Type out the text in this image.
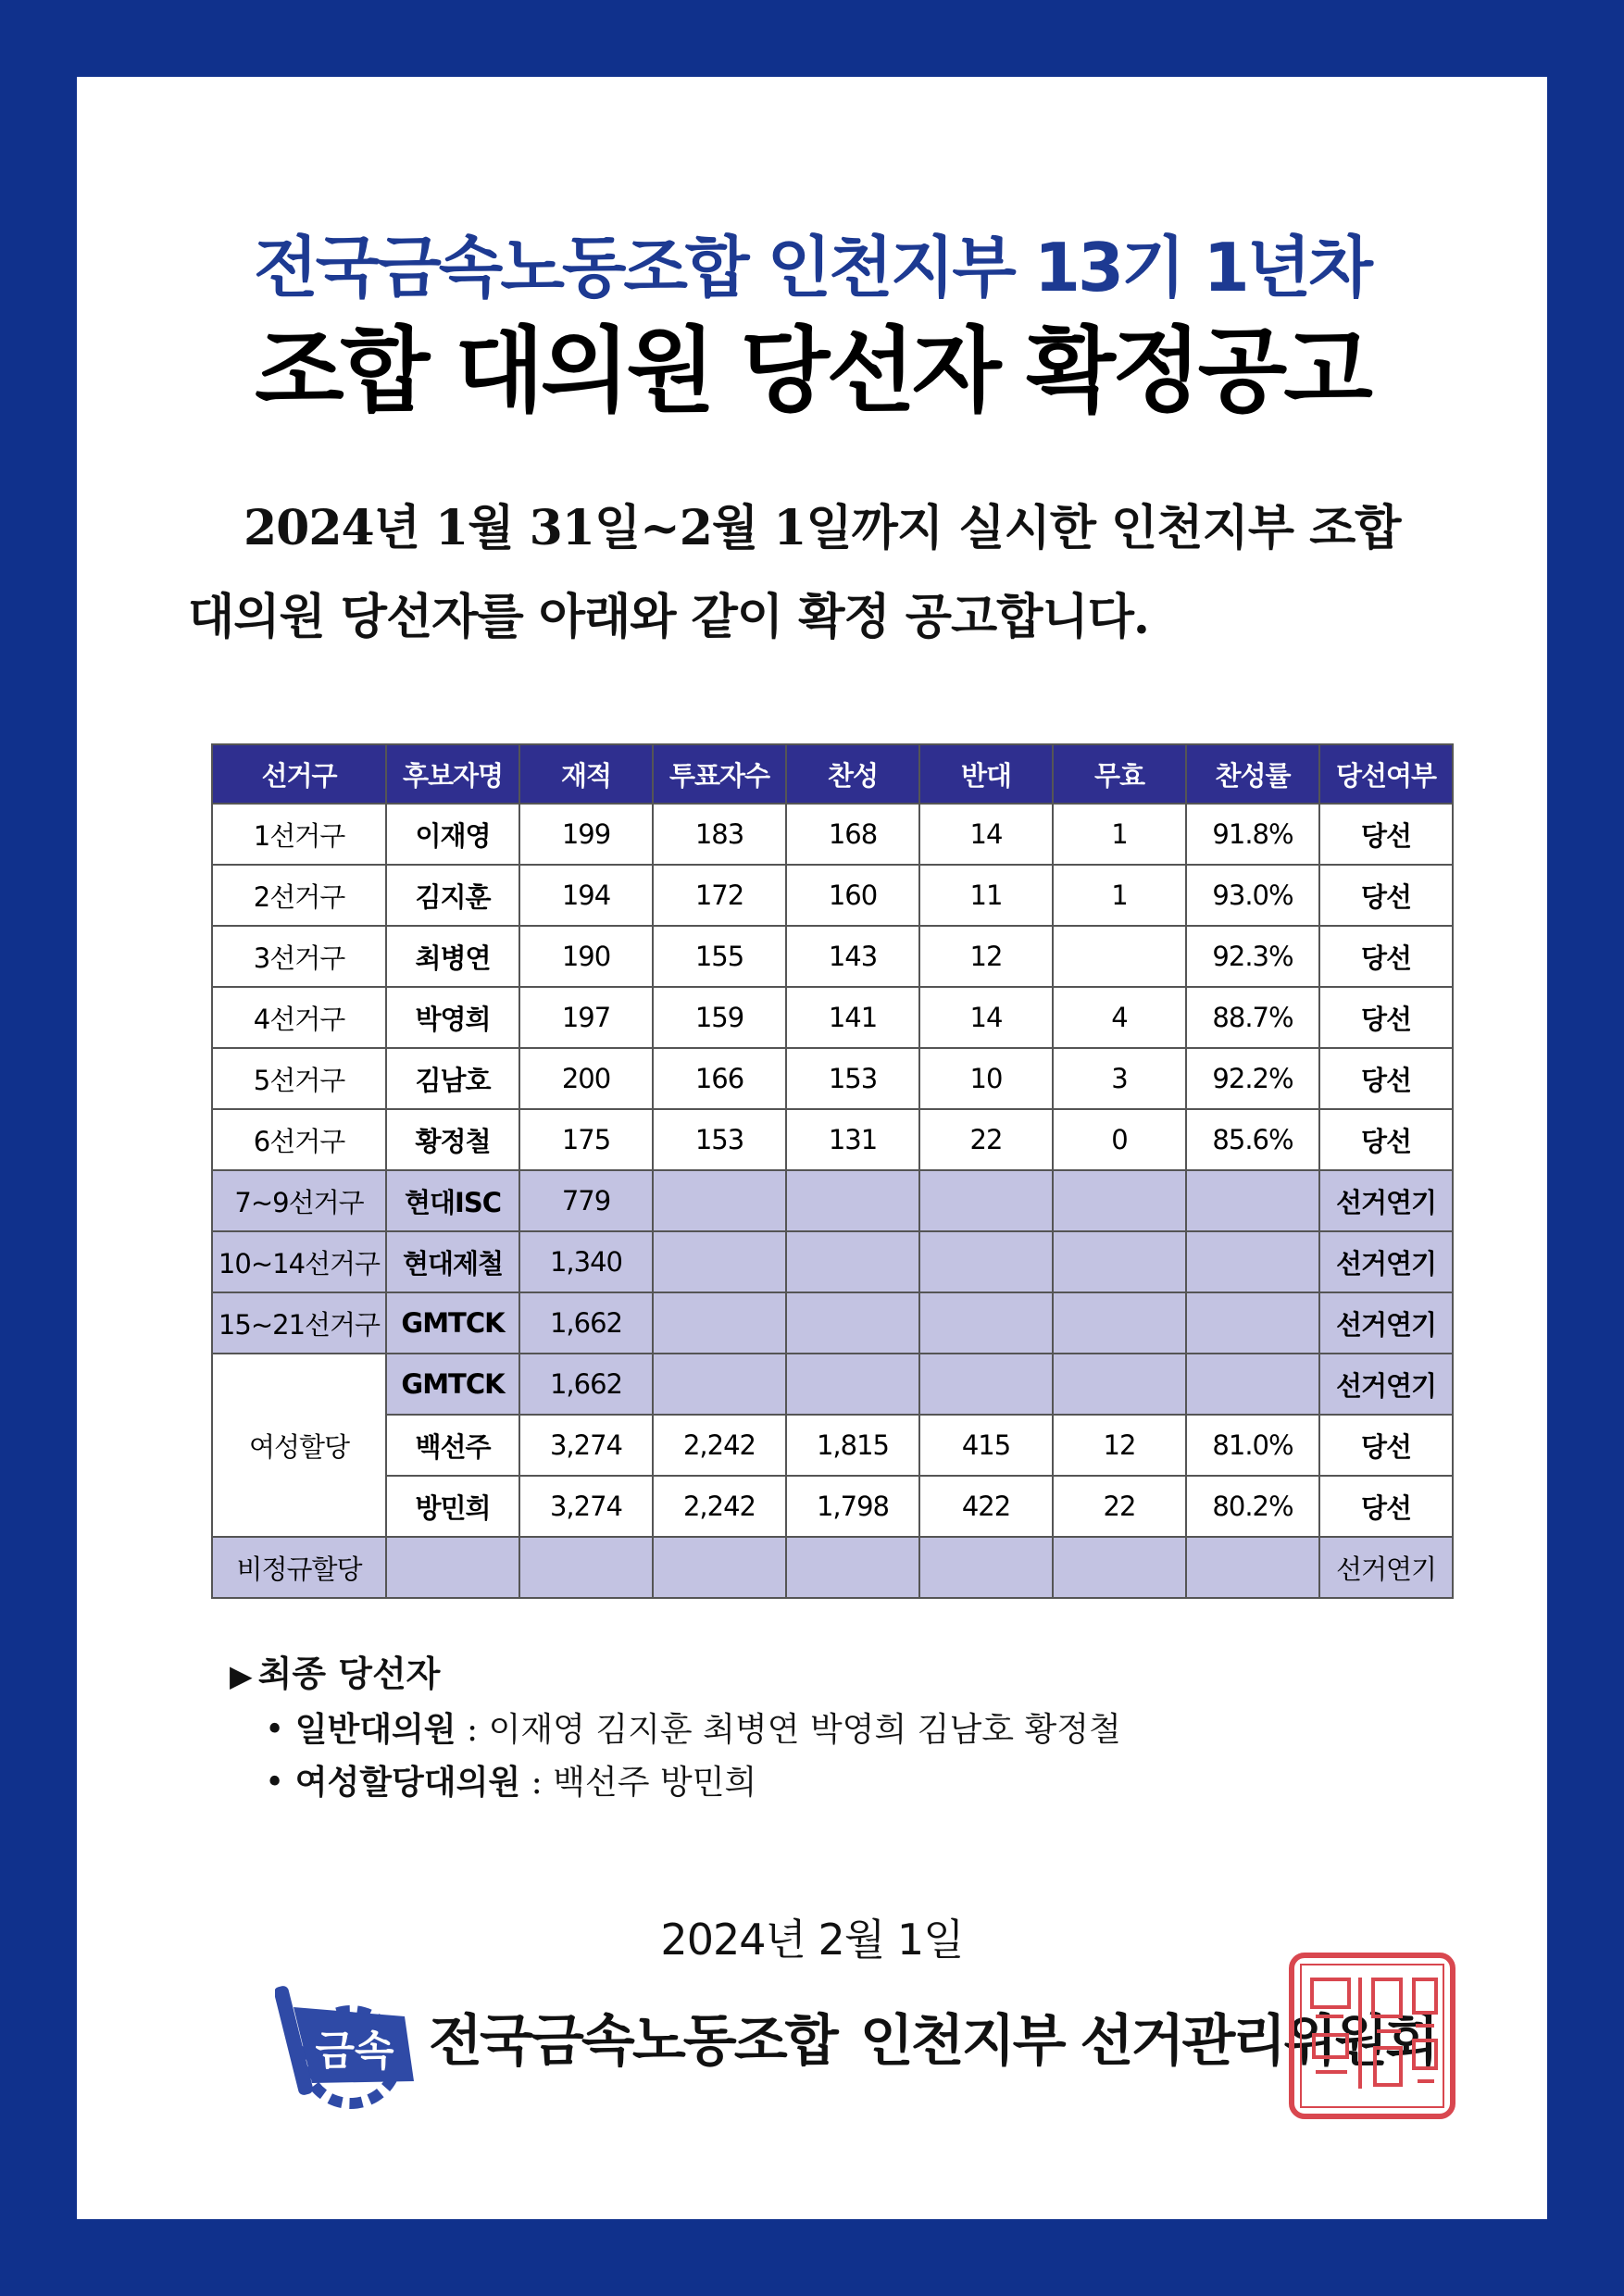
전국금속노동조합 인천지부 13기 1년차
조합 대의원 당선자 확정공고
2024년 1월 31일~2월 1일까지 실시한 인천지부 조합
대의원 당선자를 아래와 같이 확정 공고합니다.
선거구	후보자명	재적	투표자수	찬성	반대	무효	찬성률	당선여부
1선거구	이재영	199	183	168	14	1	91.8%	당선
2선거구	김지훈	194	172	160	11	1	93.0%	당선
3선거구	최병연	190	155	143	12		92.3%	당선
4선거구	박영희	197	159	141	14	4	88.7%	당선
5선거구	김남호	200	166	153	10	3	92.2%	당선
6선거구	황정철	175	153	131	22	0	85.6%	당선
7~9선거구	현대ISC	779						선거연기
10~14선거구	현대제철	1,340						선거연기
15~21선거구	GMTCK	1,662						선거연기
여성할당	GMTCK	1,662						선거연기
	백선주	3,274	2,242	1,815	415	12	81.0%	당선
	방민희	3,274	2,242	1,798	422	22	80.2%	당선
비정규할당								선거연기
▶ 최종 당선자
• 일반대의원 : 이재영 김지훈 최병연 박영희 김남호 황정철
• 여성할당대의원 : 백선주 방민희
2024년 2월 1일
금속 전국금속노동조합 인천지부 선거관리위원회
